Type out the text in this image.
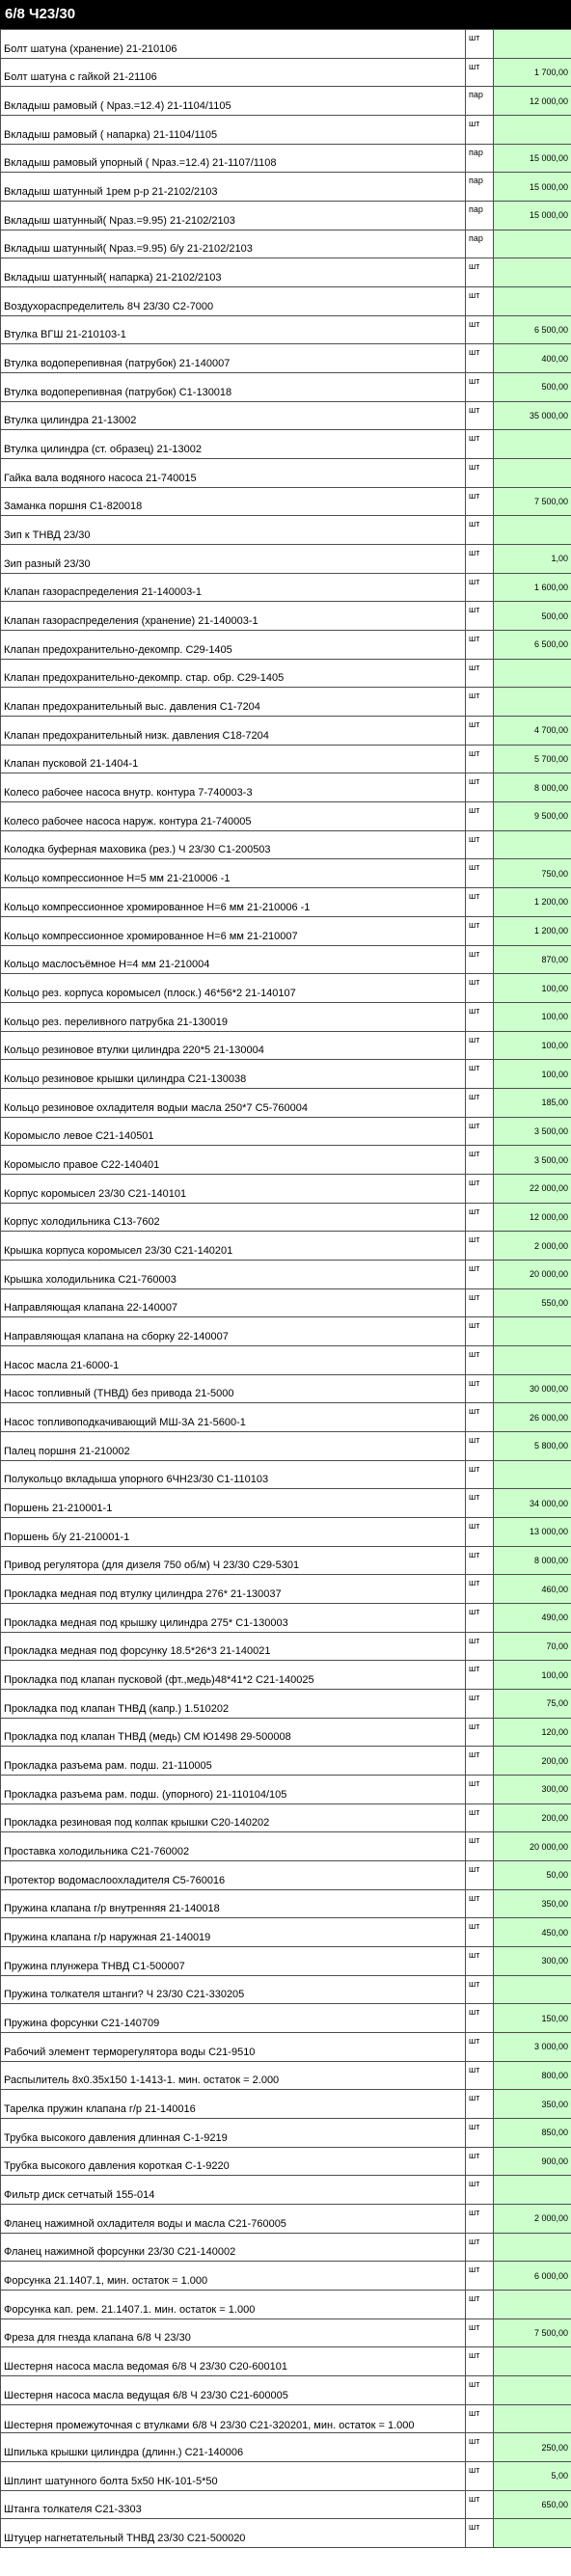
6/8 Ч23/30
Болт шатуна (хранение) 21-210106	шт	
Болт шатуна с гайкой 21-21106	шт	1 700,00
Вкладыш рамовый ( Nраз.=12.4) 21-1104/1105	пар	12 000,00
Вкладыш рамовый ( напарка) 21-1104/1105	шт	
Вкладыш рамовый упорный ( Nраз.=12.4) 21-1107/1108	пар	15 000,00
Вкладыш шатунный 1рем р-р 21-2102/2103	пар	15 000,00
Вкладыш шатунный( Nраз.=9.95) 21-2102/2103	пар	15 000,00
Вкладыш шатунный( Nраз.=9.95) б/у 21-2102/2103	пар	
Вкладыш шатунный( напарка) 21-2102/2103	шт	
Воздухораспределитель 8Ч 23/30 С2-7000	шт	
Втулка ВГШ 21-210103-1	шт	6 500,00
Втулка водоперепивная (патрубок) 21-140007	шт	400,00
Втулка водоперепивная (патрубок) С1-130018	шт	500,00
Втулка цилиндра 21-13002	шт	35 000,00
Втулка цилиндра (ст. образец) 21-13002	шт	
Гайка вала водяного насоса 21-740015	шт	
Заманка поршня С1-820018	шт	7 500,00
Зип к ТНВД 23/30	шт	
Зип разный 23/30	шт	1,00
Клапан газораспределения 21-140003-1	шт	1 600,00
Клапан газораспределения (хранение) 21-140003-1	шт	500,00
Клапан предохранительно-декомпр. С29-1405	шт	6 500,00
Клапан предохранительно-декомпр. стар. обр. С29-1405	шт	
Клапан предохранительный выс. давления С1-7204	шт	
Клапан предохранительный низк. давления С18-7204	шт	4 700,00
Клапан пусковой 21-1404-1	шт	5 700,00
Колесо рабочее насоса внутр. контура 7-740003-3	шт	8 000,00
Колесо рабочее насоса наруж. контура 21-740005	шт	9 500,00
Колодка буферная маховика (рез.) Ч 23/30 С1-200503	шт	
Кольцо компрессионное Н=5 мм 21-210006 -1	шт	750,00
Кольцо компрессионное хромированное Н=6 мм 21-210006 -1	шт	1 200,00
Кольцо компрессионное хромированное Н=6 мм 21-210007	шт	1 200,00
Кольцо маслосъёмное Н=4 мм 21-210004	шт	870,00
Кольцо рез. корпуса коромысел (плоск.) 46*56*2 21-140107	шт	100,00
Кольцо рез. переливного патрубка 21-130019	шт	100,00
Кольцо резиновое втулки цилиндра 220*5 21-130004	шт	100,00
Кольцо резиновое крышки цилиндра С21-130038	шт	100,00
Кольцо резиновое охладителя водыи масла 250*7 С5-760004	шт	185,00
Коромысло левое С21-140501	шт	3 500,00
Коромысло правое С22-140401	шт	3 500,00
Корпус коромысел 23/30 С21-140101	шт	22 000,00
Корпус холодильника С13-7602	шт	12 000,00
Крышка корпуса коромысел 23/30 С21-140201	шт	2 000,00
Крышка холодильника С21-760003	шт	20 000,00
Направляющая клапана 22-140007	шт	550,00
Направляющая клапана на сборку 22-140007	шт	
Насос масла 21-6000-1	шт	
Насос топливный (ТНВД) без привода 21-5000	шт	30 000,00
Насос топливоподкачивающий МШ-3А 21-5600-1	шт	26 000,00
Палец поршня 21-210002	шт	5 800,00
Полукольцо вкладыша упорного 6ЧН23/30 С1-110103	шт	
Поршень 21-210001-1	шт	34 000,00
Поршень б/у 21-210001-1	шт	13 000,00
Привод регулятора (для дизеля 750 об/м) Ч 23/30 С29-5301	шт	8 000,00
Прокладка медная под втулку цилиндра 276* 21-130037	шт	460,00
Прокладка медная под крышку цилиндра 275* С1-130003	шт	490,00
Прокладка медная под форсунку 18.5*26*3 21-140021	шт	70,00
Прокладка под клапан пусковой (фт.,медь)48*41*2 С21-140025	шт	100,00
Прокладка под клапан ТНВД (капр.) 1.510202	шт	75,00
Прокладка под клапан ТНВД (медь) СМ Ю1498 29-500008	шт	120,00
Прокладка разъема рам. подш. 21-110005	шт	200,00
Прокладка разъема рам. подш. (упорного) 21-110104/105	шт	300,00
Прокладка резиновая под колпак крышки С20-140202	шт	200,00
Проставка холодильника С21-760002	шт	20 000,00
Протектор водомаслоохладителя С5-760016	шт	50,00
Пружина клапана г/р внутренняя 21-140018	шт	350,00
Пружина клапана г/р наружная 21-140019	шт	450,00
Пружина плунжера ТНВД С1-500007	шт	300,00
Пружина толкателя штанги? Ч 23/30 С21-330205	шт	
Пружина форсунки С21-140709	шт	150,00
Рабочий элемент терморегулятора воды С21-9510	шт	3 000,00
Распылитель 8х0.35х150 1-1413-1. мин. остаток = 2.000	шт	800,00
Тарелка пружин клапана г/р 21-140016	шт	350,00
Трубка высокого давления длинная С-1-9219	шт	850,00
Трубка высокого давления короткая С-1-9220	шт	900,00
Фильтр диск сетчатый 155-014	шт	
Фланец нажимной охладителя воды и масла С21-760005	шт	2 000,00
Фланец нажимной форсунки 23/30 С21-140002	шт	
Форсунка 21.1407.1, мин. остаток = 1.000	шт	6 000,00
Форсунка кап. рем. 21.1407.1. мин. остаток = 1.000	шт	
Фреза для гнезда клапана 6/8 Ч 23/30	шт	7 500,00
Шестерня насоса масла ведомая 6/8 Ч 23/30 С20-600101	шт	
Шестерня насоса масла ведущая 6/8 Ч 23/30 С21-600005	шт	
Шестерня промежуточная с втулками 6/8 Ч 23/30 С21-320201, мин. остаток = 1.000	шт	
Шпилька крышки цилиндра (длинн.) С21-140006	шт	250,00
Шплинт шатунного болта 5х50 НК-101-5*50	шт	5,00
Штанга толкателя С21-3303	шт	650,00
Штуцер нагнетательный ТНВД 23/30 С21-500020	шт	
